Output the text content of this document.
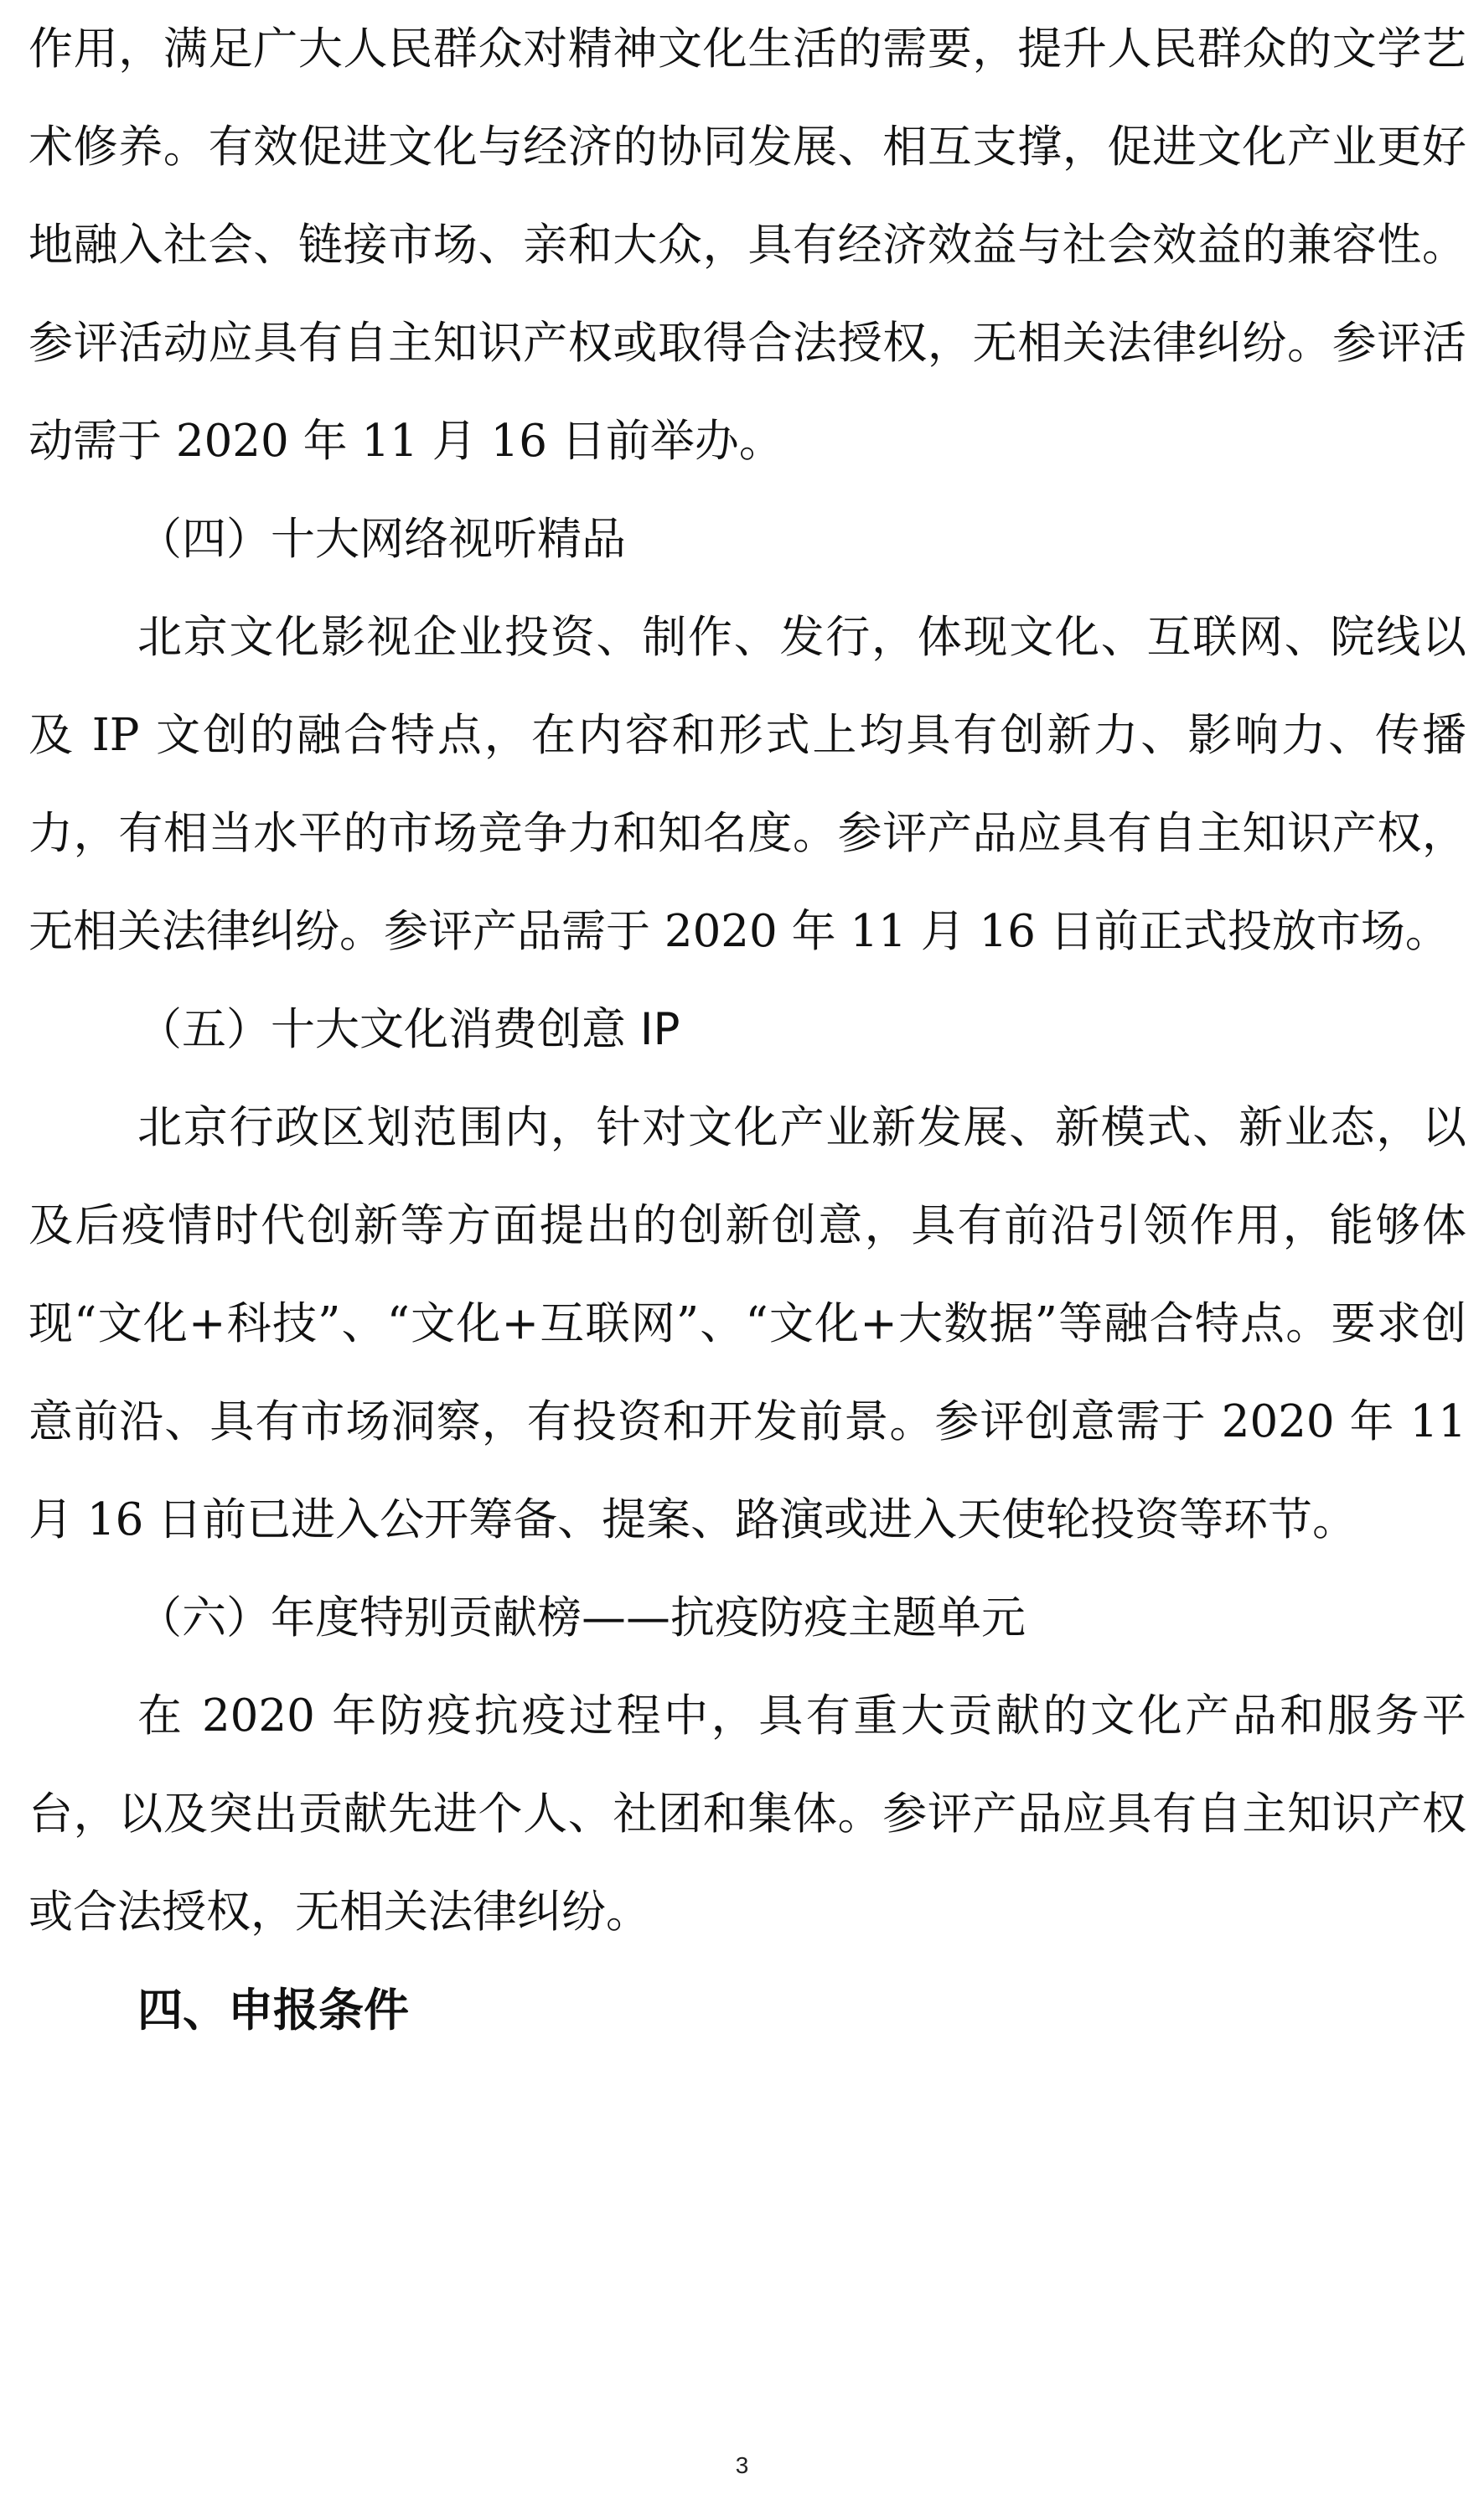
作用，满足广大人民群众对精神文化生活的需要，提升人民群众的文学艺术修养。有效促进文化与经济的协同发展、相互支撑，促进文化产业更好地融入社会、链接市场、亲和大众，具有经济效益与社会效益的兼容性。参评活动应具有自主知识产权或取得合法授权，无相关法律纠纷。参评活动需于 2020 年 11 月 16 日前举办。

（四）十大网络视听精品

北京文化影视企业投资、制作、发行，体现文化、互联网、院线以及 IP 文创的融合特点，在内容和形式上均具有创新力、影响力、传播力，有相当水平的市场竞争力和知名度。参评产品应具有自主知识产权，无相关法律纠纷。参评产品需于 2020 年 11 月 16 日前正式投放市场。

（五）十大文化消费创意 IP

北京行政区划范围内，针对文化产业新发展、新模式、新业态，以及后疫情时代创新等方面提出的创新创意，具有前沿引领作用，能够体现“文化+科技”、“文化+互联网”、“文化+大数据”等融合特点。要求创意前沿、具有市场洞察，有投资和开发前景。参评创意需于 2020 年 11 月 16 日前已进入公开筹备、提案、路演或进入天使轮投资等环节。

（六）年度特别贡献榜——抗疫防疫主题单元

在 2020 年防疫抗疫过程中，具有重大贡献的文化产品和服务平台，以及突出贡献先进个人、社团和集体。参评产品应具有自主知识产权或合法授权，无相关法律纠纷。

四、申报条件

3
